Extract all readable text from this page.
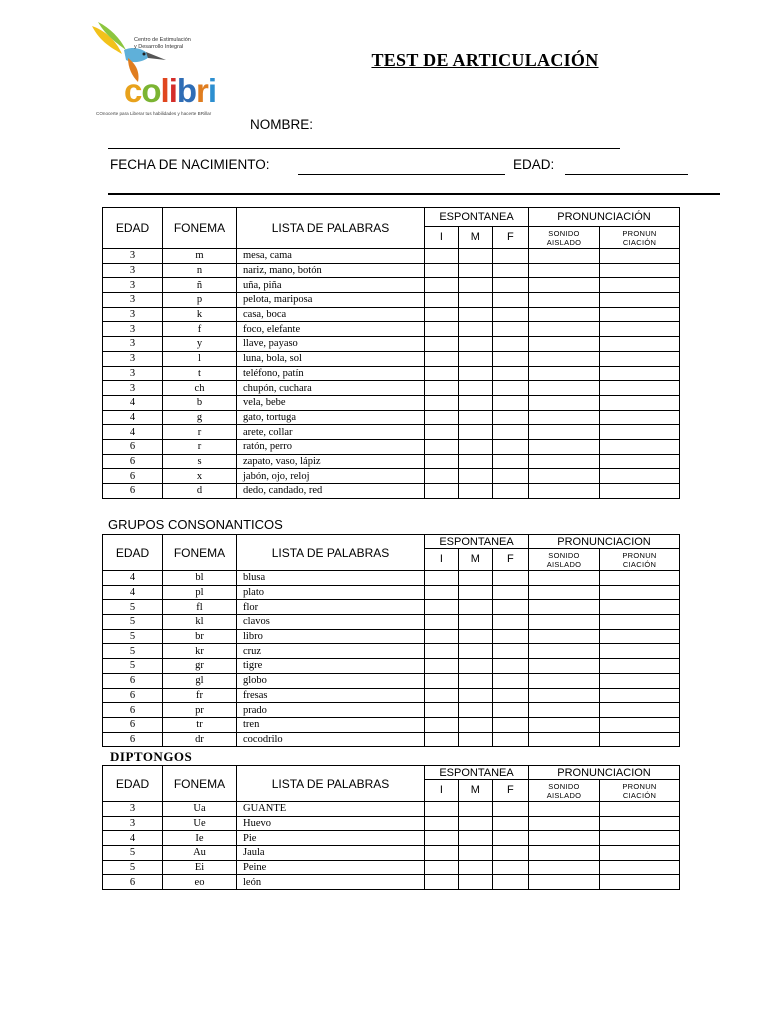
Centro de Estimulación
y Desarrollo Integral
colibri
COnocerte para Liberar tus habilidades y hacerte BRillar
TEST DE ARTICULACIÓN
NOMBRE:
FECHA DE NACIMIENTO:	EDAD:
EDAD	FONEMA	LISTA DE PALABRAS	ESPONTANEA			PRONUNCIACIÓN	
			I	M	F	SONIDO
AISLADO	PRONUN
CIACIÓN
3	m	mesa, cama					
3	n	nariz, mano, botón					
3	ñ	uña, piña					
3	p	pelota, mariposa					
3	k	casa, boca					
3	f	foco, elefante					
3	y	llave, payaso					
3	l	luna, bola, sol					
3	t	teléfono, patín					
3	ch	chupón, cuchara					
4	b	vela, bebe					
4	g	gato, tortuga					
4	r	arete, collar					
6	r	ratón, perro					
6	s	zapato, vaso, lápiz					
6	x	jabón, ojo, reloj					
6	d	dedo, candado, red					
GRUPOS CONSONANTICOS
EDAD	FONEMA	LISTA DE PALABRAS	ESPONTANEA			PRONUNCIACION	
			I	M	F	SONIDO
AISLADO	PRONUN
CIACIÓN
4	bl	blusa					
4	pl	plato					
5	fl	flor					
5	kl	clavos					
5	br	libro					
5	kr	cruz					
5	gr	tigre					
6	gl	globo					
6	fr	fresas					
6	pr	prado					
6	tr	tren					
6	dr	cocodrilo					
DIPTONGOS
EDAD	FONEMA	LISTA DE PALABRAS	ESPONTANEA			PRONUNCIACION	
			I	M	F	SONIDO
AISLADO	PRONUN
CIACIÓN
3	Ua	GUANTE					
3	Ue	Huevo					
4	Ie	Pie					
5	Au	Jaula					
5	Ei	Peine					
6	eo	león					
